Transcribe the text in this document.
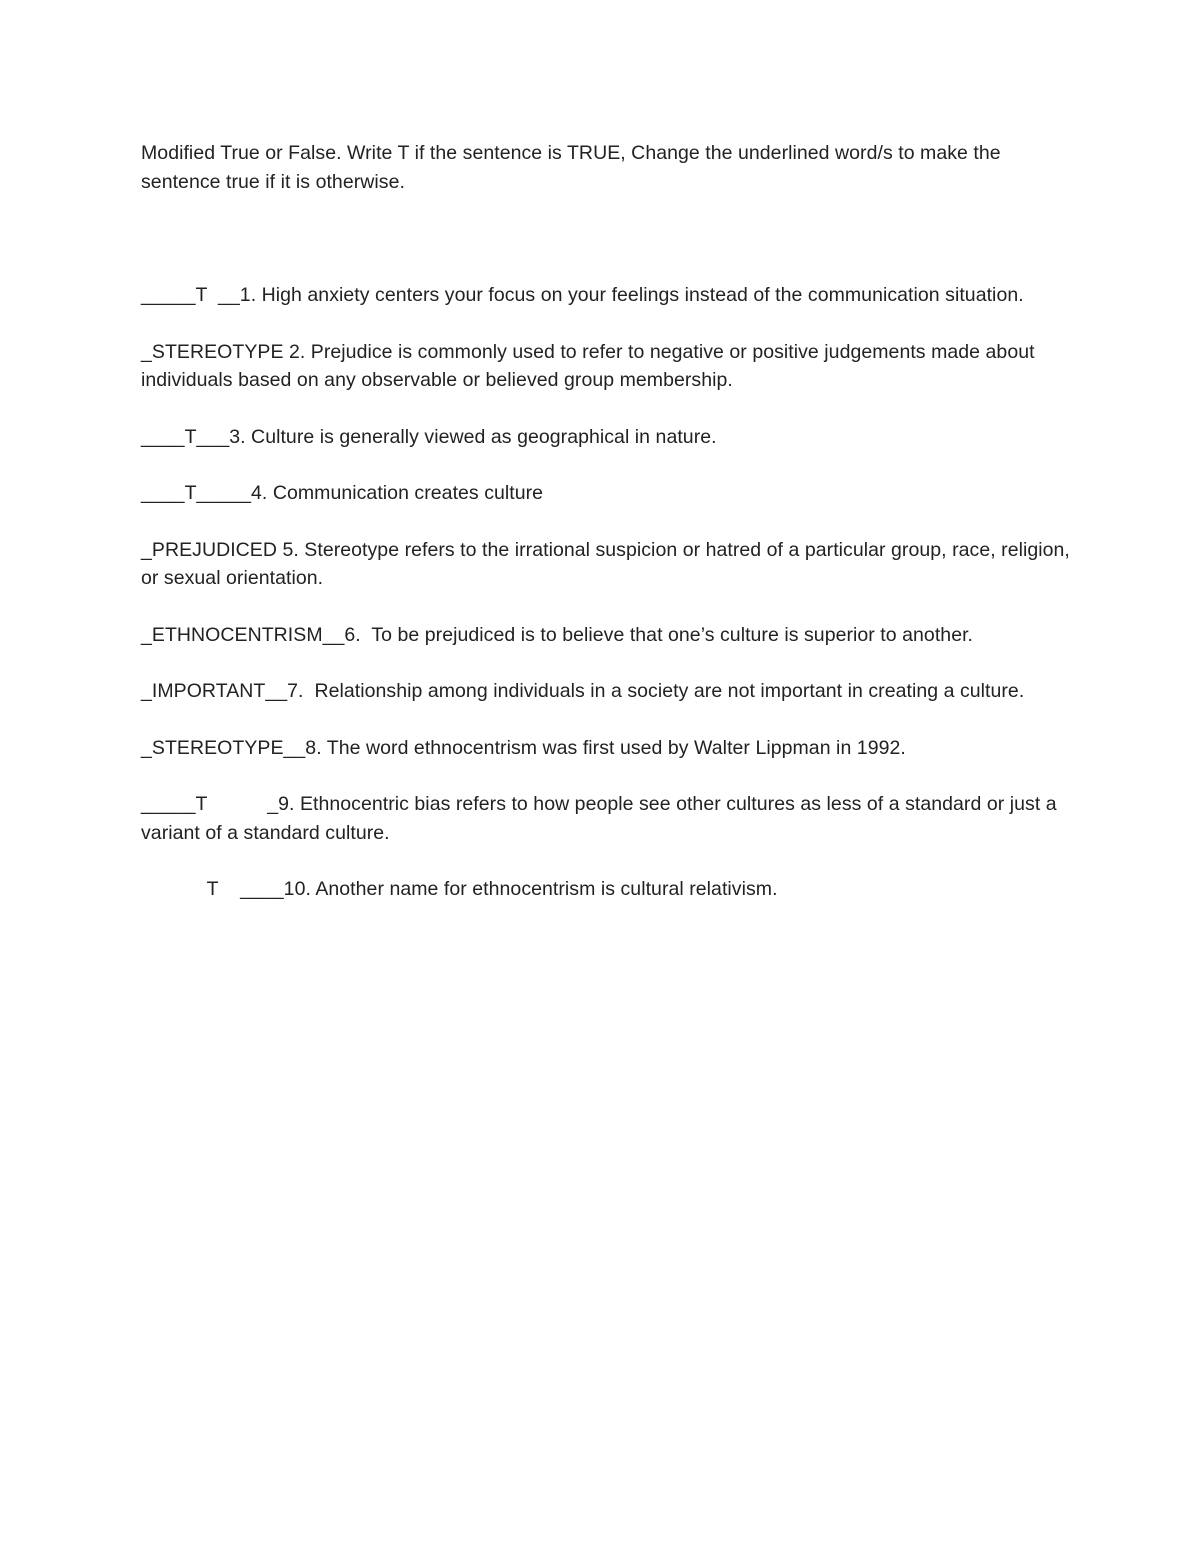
Modified True or False. Write T if the sentence is TRUE, Change the underlined word/s to make the sentence true if it is otherwise.

_____T  __1. High anxiety centers your focus on your feelings instead of the communication situation.

_STEREOTYPE 2. Prejudice is commonly used to refer to negative or positive judgements made about individuals based on any observable or believed group membership.

____T___3. Culture is generally viewed as geographical in nature.

____T_____4. Communication creates culture

_PREJUDICED 5. Stereotype refers to the irrational suspicion or hatred of a particular group, race, religion, or sexual orientation.

_ETHNOCENTRISM__6.  To be prejudiced is to believe that one’s culture is superior to another.

_IMPORTANT__7.  Relationship among individuals in a society are not important in creating a culture.

_STEREOTYPE__8. The word ethnocentrism was first used by Walter Lippman in 1992.

_____T           _9. Ethnocentric bias refers to how people see other cultures as less of a standard or just a variant of a standard culture.

T    ____10. Another name for ethnocentrism is cultural relativism.
